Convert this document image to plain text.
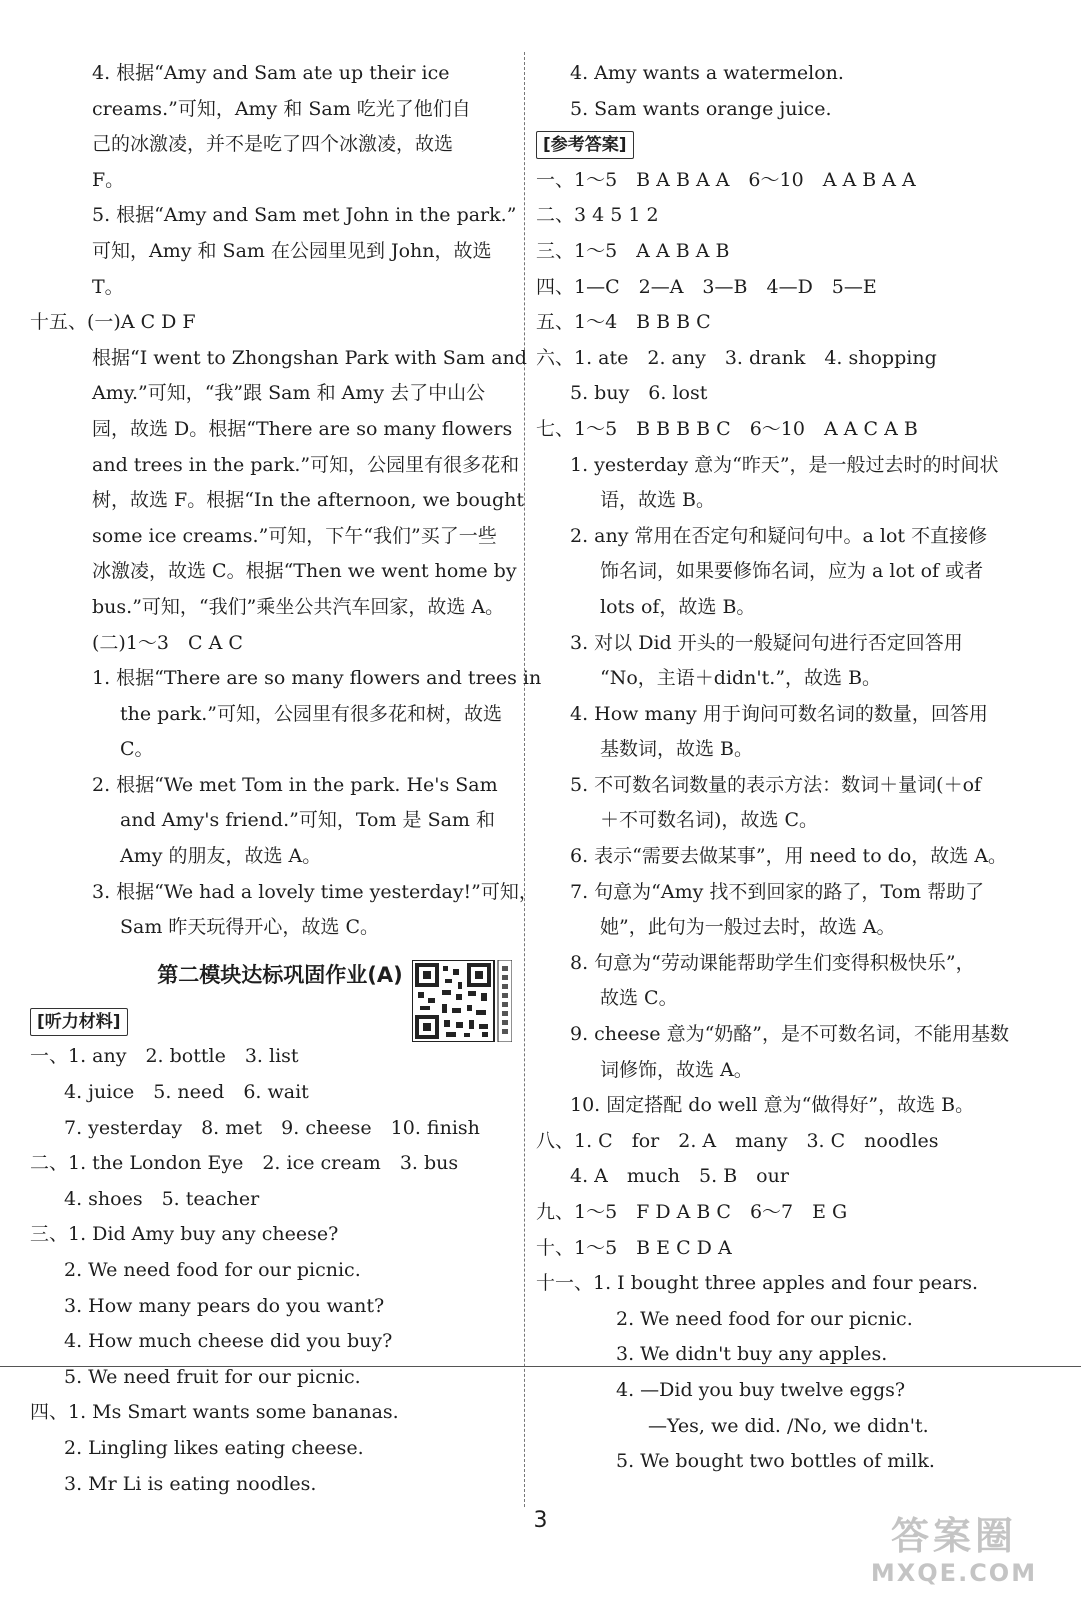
4. 根据“Amy and Sam ate up their ice
creams.”可知，Amy 和 Sam 吃光了他们自
己的冰激凌，并不是吃了四个冰激凌，故选
F。
5. 根据“Amy and Sam met John in the park.”
可知，Amy 和 Sam 在公园里见到 John，故选
T。
十五、(一)A C D F
根据“I went to Zhongshan Park with Sam and
Amy.”可知，“我”跟 Sam 和 Amy 去了中山公
园，故选 D。根据“There are so many flowers
and trees in the park.”可知，公园里有很多花和
树，故选 F。根据“In the afternoon, we bought
some ice creams.”可知，下午“我们”买了一些
冰激凌，故选 C。根据“Then we went home by
bus.”可知，“我们”乘坐公共汽车回家，故选 A。
(二)1～3　C A C
1. 根据“There are so many flowers and trees in
the park.”可知，公园里有很多花和树，故选
C。
2. 根据“We met Tom in the park. He's Sam
and Amy's friend.”可知，Tom 是 Sam 和
Amy 的朋友，故选 A。
3. 根据“We had a lovely time yesterday!”可知，
Sam 昨天玩得开心，故选 C。
第二模块达标巩固作业(A)
[听力材料]
一、1. any　2. bottle　3. list
4. juice　5. need　6. wait
7. yesterday　8. met　9. cheese　10. finish
二、1. the London Eye　2. ice cream　3. bus
4. shoes　5. teacher
三、1. Did Amy buy any cheese?
2. We need food for our picnic.
3. How many pears do you want?
4. How much cheese did you buy?
5. We need fruit for our picnic.
四、1. Ms Smart wants some bananas.
2. Lingling likes eating cheese.
3. Mr Li is eating noodles.
4. Amy wants a watermelon.
5. Sam wants orange juice.
[参考答案]
一、1～5　B A B A A　6～10　A A B A A
二、3 4 5 1 2
三、1～5　A A B A B
四、1—C　2—A　3—B　4—D　5—E
五、1～4　B B B C
六、1. ate　2. any　3. drank　4. shopping
5. buy　6. lost
七、1～5　B B B B C　6～10　A A C A B
1. yesterday 意为“昨天”，是一般过去时的时间状
语，故选 B。
2. any 常用在否定句和疑问句中。a lot 不直接修
饰名词，如果要修饰名词，应为 a lot of 或者
lots of，故选 B。
3. 对以 Did 开头的一般疑问句进行否定回答用
“No，主语＋didn't.”，故选 B。
4. How many 用于询问可数名词的数量，回答用
基数词，故选 B。
5. 不可数名词数量的表示方法：数词＋量词(＋of
＋不可数名词)，故选 C。
6. 表示“需要去做某事”，用 need to do，故选 A。
7. 句意为“Amy 找不到回家的路了，Tom 帮助了
她”，此句为一般过去时，故选 A。
8. 句意为“劳动课能帮助学生们变得积极快乐”，
故选 C。
9. cheese 意为“奶酪”，是不可数名词，不能用基数
词修饰，故选 A。
10. 固定搭配 do well 意为“做得好”，故选 B。
八、1. C　for　2. A　many　3. C　noodles
4. A　much　5. B　our
九、1～5　F D A B C　6～7　E G
十、1～5　B E C D A
十一、1. I bought three apples and four pears.
2. We need food for our picnic.
3. We didn't buy any apples.
4. —Did you buy twelve eggs?
—Yes, we did. /No, we didn't.
5. We bought two bottles of milk.
3	答案圈
MXQE.COM
